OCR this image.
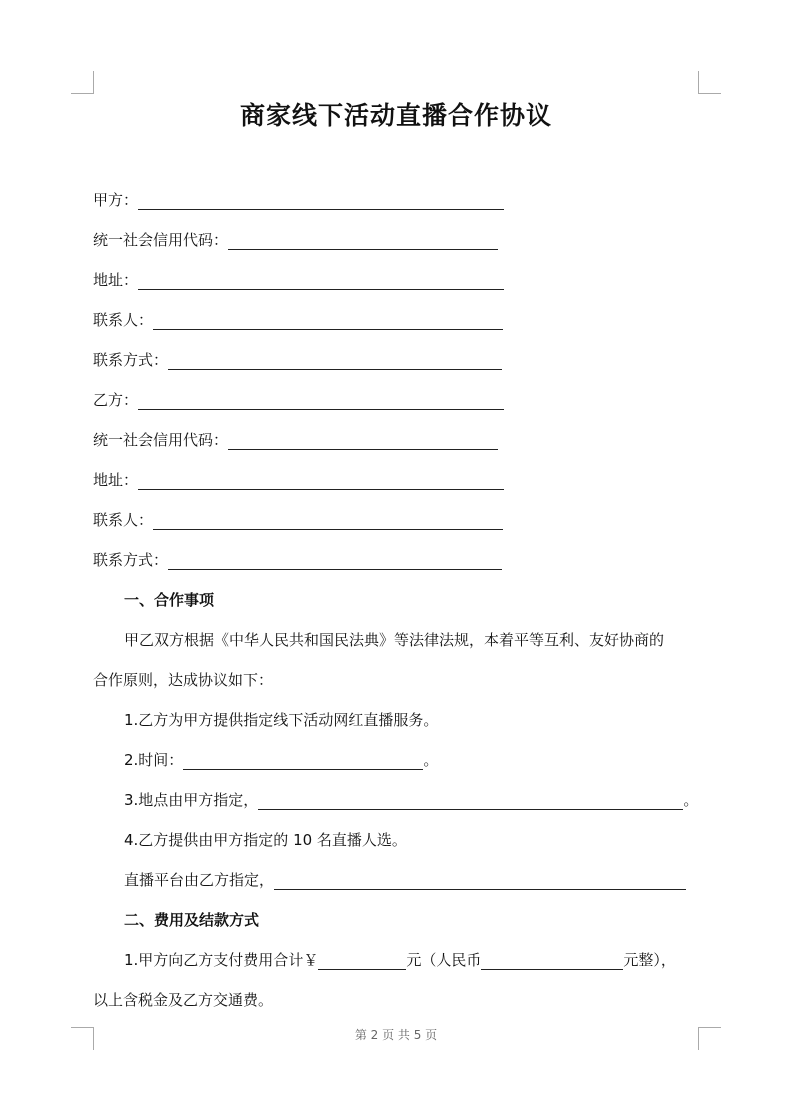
商家线下活动直播合作协议
甲方：
统一社会信用代码：
地址：
联系人：
联系方式：
乙方：
统一社会信用代码：
地址：
联系人：
联系方式：
一、合作事项
甲乙双方根据《中华人民共和国民法典》等法律法规，本着平等互利、友好协商的
合作原则，达成协议如下：
1.乙方为甲方提供指定线下活动网红直播服务。
2.时间：	。
3.地点由甲方指定，	。
4.乙方提供由甲方指定的 10 名直播人选。
直播平台由乙方指定，
二、费用及结款方式
1.甲方向乙方支付费用合计￥	元（人民币	元整），
以上含税金及乙方交通费。
第 2 页 共 5 页
